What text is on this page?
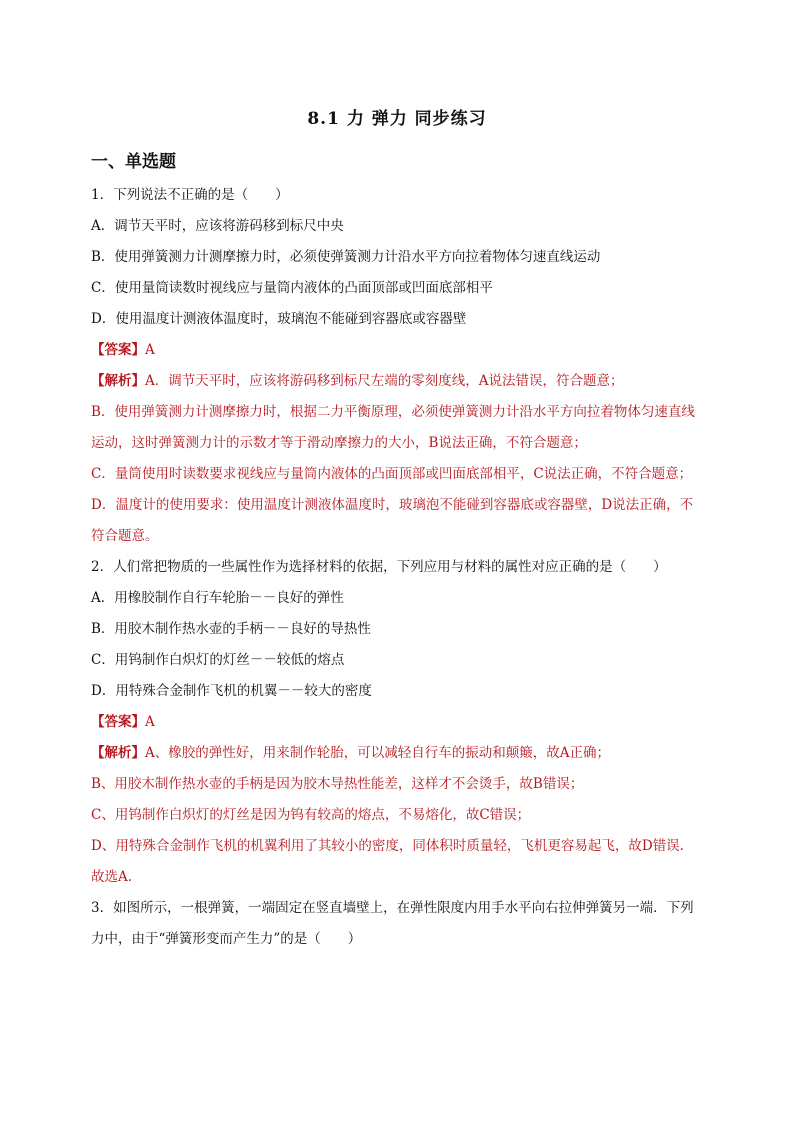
8.1 力 弹力 同步练习
一、单选题
1．下列说法不正确的是（　　）
A．调节天平时，应该将游码移到标尺中央
B．使用弹簧测力计测摩擦力时，必须使弹簧测力计沿水平方向拉着物体匀速直线运动
C．使用量筒读数时视线应与量筒内液体的凸面顶部或凹面底部相平
D．使用温度计测液体温度时，玻璃泡不能碰到容器底或容器壁
【答案】A
【解析】A．调节天平时，应该将游码移到标尺左端的零刻度线，A说法错误，符合题意；
B．使用弹簧测力计测摩擦力时，根据二力平衡原理，必须使弹簧测力计沿水平方向拉着物体匀速直线运动，这时弹簧测力计的示数才等于滑动摩擦力的大小，B说法正确，不符合题意；
C．量筒使用时读数要求视线应与量筒内液体的凸面顶部或凹面底部相平，C说法正确，不符合题意；
D．温度计的使用要求：使用温度计测液体温度时，玻璃泡不能碰到容器底或容器壁，D说法正确，不符合题意。
2．人们常把物质的一些属性作为选择材料的依据，下列应用与材料的属性对应正确的是（　　）
A．用橡胶制作自行车轮胎－－良好的弹性
B．用胶木制作热水壶的手柄－－良好的导热性
C．用钨制作白炽灯的灯丝－－较低的熔点
D．用特殊合金制作飞机的机翼－－较大的密度
【答案】A
【解析】A、橡胶的弹性好，用来制作轮胎，可以减轻自行车的振动和颠簸，故A正确；
B、用胶木制作热水壶的手柄是因为胶木导热性能差，这样才不会烫手，故B错误；
C、用钨制作白炽灯的灯丝是因为钨有较高的熔点，不易熔化，故C错误；
D、用特殊合金制作飞机的机翼利用了其较小的密度，同体积时质量轻，飞机更容易起飞，故D错误.
故选A.
3．如图所示，一根弹簧，一端固定在竖直墙壁上，在弹性限度内用手水平向右拉伸弹簧另一端．下列力中，由于“弹簧形变而产生力”的是（　　）
